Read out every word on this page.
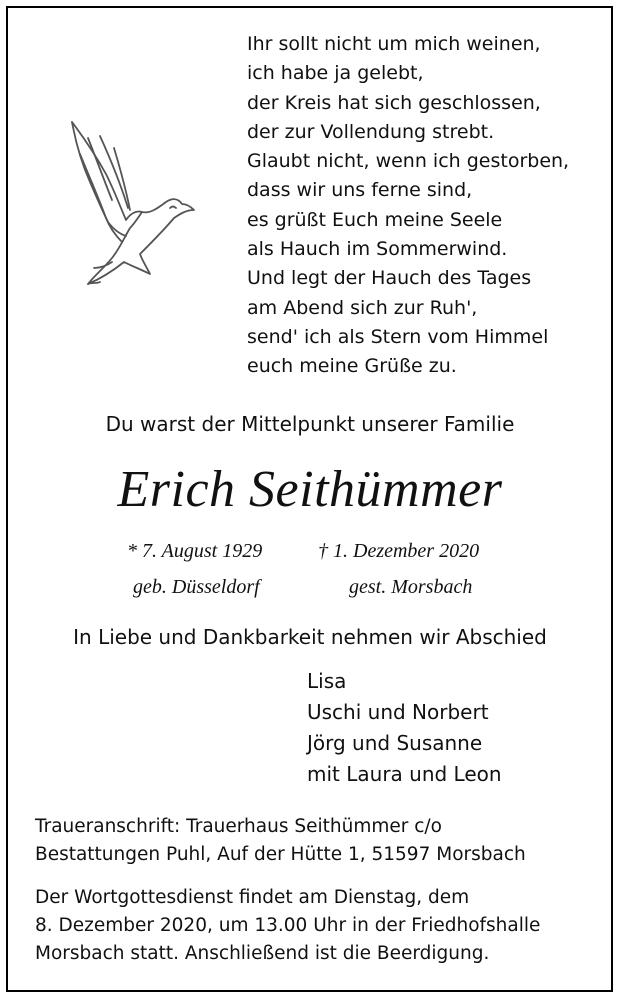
Ihr sollt nicht um mich weinen,
ich habe ja gelebt,
der Kreis hat sich geschlossen,
der zur Vollendung strebt.
Glaubt nicht, wenn ich gestorben,
dass wir uns ferne sind,
es grüßt Euch meine Seele
als Hauch im Sommerwind.
Und legt der Hauch des Tages
am Abend sich zur Ruh',
send' ich als Stern vom Himmel
euch meine Grüße zu.
Du warst der Mittelpunkt unserer Familie
Erich Seithümmer
* 7. August 1929
geb. Düsseldorf
† 1. Dezember 2020
gest. Morsbach
In Liebe und Dankbarkeit nehmen wir Abschied
Lisa
Uschi und Norbert
Jörg und Susanne
mit Laura und Leon
Traueranschrift: Trauerhaus Seithümmer c/o
Bestattungen Puhl, Auf der Hütte 1, 51597 Morsbach
Der Wortgottesdienst findet am Dienstag, dem
8. Dezember 2020, um 13.00 Uhr in der Friedhofshalle
Morsbach statt. Anschließend ist die Beerdigung.
